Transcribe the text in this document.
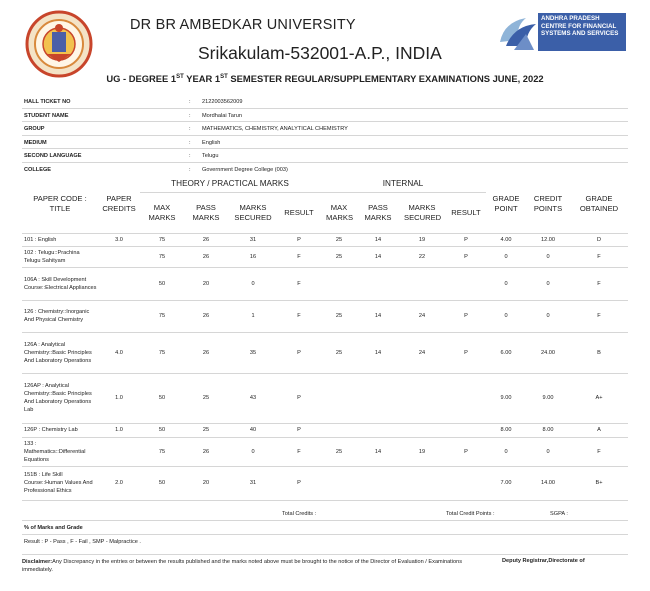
DR BR AMBEDKAR UNIVERSITY
Srikakulam-532001-A.P., INDIA
ANDHRA PRADESH CENTRE FOR FINANCIAL SYSTEMS AND SERVICES
UG - DEGREE 1ST YEAR 1ST SEMESTER REGULAR/SUPPLEMENTARY EXAMINATIONS JUNE, 2022
HALL TICKET NO	: 2122003562009
STUDENT NAME	: Mordhalai Tarun
GROUP	: MATHEMATICS, CHEMISTRY, ANALYTICAL CHEMISTRY
MEDIUM	: English
SECOND LANGUAGE	: Telugu
COLLEGE	: Government Degree College (003)
PAPER CODE : TITLE	PAPER CREDITS	THEORY / PRACTICAL MARKS				INTERNAL				GRADE POINT	CREDIT POINTS	GRADE OBTAINED
		MAX MARKS	PASS MARKS	MARKS SECURED	RESULT	MAX MARKS	PASS MARKS	MARKS SECURED	RESULT			
101 : English	3.0	75	26	31	P	25	14	19	P	4.00	12.00	D
102 : Telugu::Prachina Telugu Sahityam		75	26	16	F	25	14	22	P	0	0	F
106A : Skill Development Course::Electrical Appliances		50	20	0	F					0	0	F
126 : Chemistry::Inorganic And Physical Chemistry		75	26	1	F	25	14	24	P	0	0	F
126A : Analytical Chemistry::Basic Principles And Laboratory Operations	4.0	75	26	35	P	25	14	24	P	6.00	24.00	B
126AP : Analytical Chemistry::Basic Principles And Laboratory Operations Lab	1.0	50	25	43	P					9.00	9.00	A+
126P : Chemistry Lab	1.0	50	25	40	P					8.00	8.00	A
133 : Mathematics::Differential Equations		75	26	0	F	25	14	19	P	0	0	F
151B : Life Skill Course::Human Values And Professional Ethics	2.0	50	20	31	P					7.00	14.00	B+
Total Credits :	Total Credit Points :	SGPA :
% of Marks and Grade
Result : P - Pass , F - Fail , SMP - Malpractice .
Disclaimer:Any Discrepancy in the entries or between the results published and the marks noted above must be brought to the notice of the Director of Evaluation / Examinations immediately.
Deputy Registrar,Directorate of
